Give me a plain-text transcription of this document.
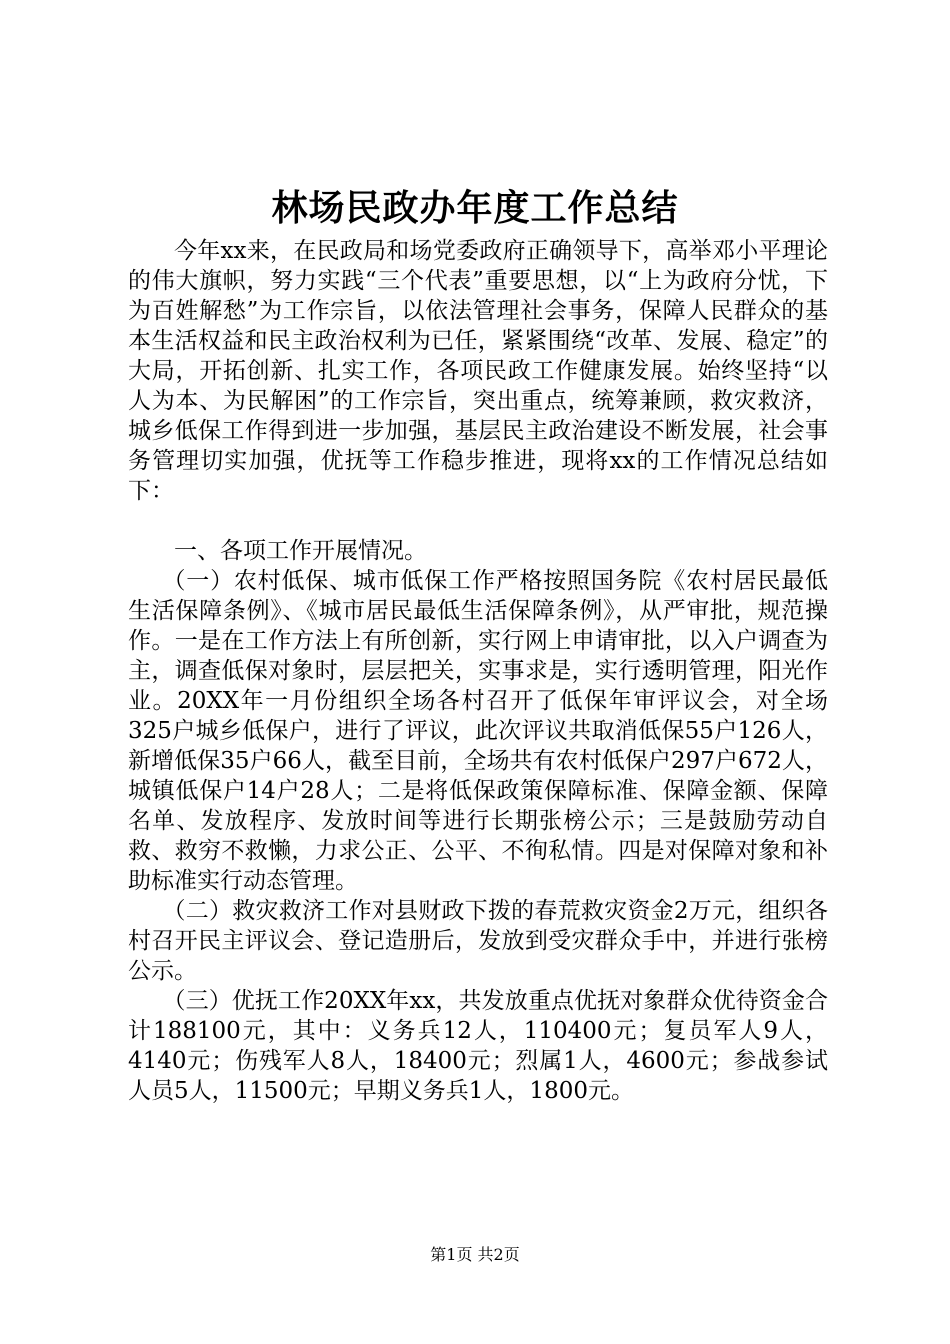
林场民政办年度工作总结

今年xx来，在民政局和场党委政府正确领导下，高举邓小平理论的伟大旗帜，努力实践“三个代表”重要思想，以“上为政府分忧，下为百姓解愁”为工作宗旨，以依法管理社会事务，保障人民群众的基本生活权益和民主政治权利为已任，紧紧围绕“改革、发展、稳定”的大局，开拓创新、扎实工作，各项民政工作健康发展。始终坚持“以人为本、为民解困”的工作宗旨，突出重点，统筹兼顾，救灾救济，城乡低保工作得到进一步加强，基层民主政治建设不断发展，社会事务管理切实加强，优抚等工作稳步推进，现将xx的工作情况总结如下：

一、各项工作开展情况。

（一）农村低保、城市低保工作严格按照国务院《农村居民最低生活保障条例》、《城市居民最低生活保障条例》，从严审批，规范操作。一是在工作方法上有所创新，实行网上申请审批，以入户调查为主，调查低保对象时，层层把关，实事求是，实行透明管理，阳光作业。20XX年一月份组织全场各村召开了低保年审评议会，对全场325户城乡低保户，进行了评议，此次评议共取消低保55户126人，新增低保35户66人，截至目前，全场共有农村低保户297户672人，城镇低保户14户28人；二是将低保政策保障标准、保障金额、保障名单、发放程序、发放时间等进行长期张榜公示；三是鼓励劳动自救、救穷不救懒，力求公正、公平、不徇私情。四是对保障对象和补助标准实行动态管理。

（二）救灾救济工作对县财政下拨的春荒救灾资金2万元，组织各村召开民主评议会、登记造册后，发放到受灾群众手中，并进行张榜公示。

（三）优抚工作20XX年xx，共发放重点优抚对象群众优待资金合计188100元，其中：义务兵12人，110400元；复员军人9人，4140元；伤残军人8人，18400元；烈属1人，4600元；参战参试人员5人，11500元；早期义务兵1人，1800元。

第1页 共2页
